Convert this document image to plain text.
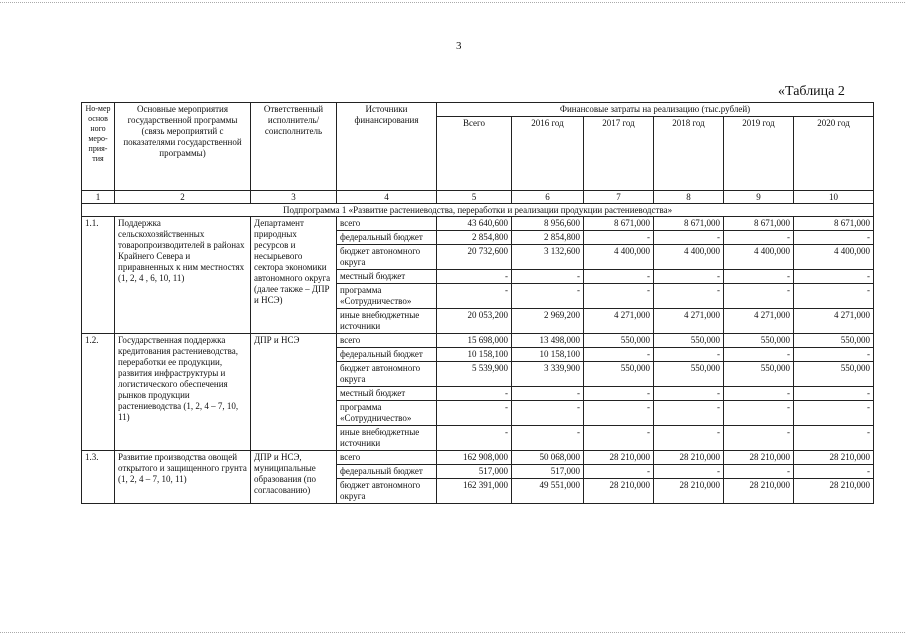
3
«Таблица 2
Но-мер основ ного меро-прия-тия	Основные мероприятия государственной программы (связь мероприятий с показателями государственной программы)	Ответственный исполнитель/ соисполнитель	Источники финансирования	Финансовые затраты на реализацию (тыс.рублей)					
				Всего	2016 год	2017 год	2018 год	2019 год	2020 год
1	2	3	4	5	6	7	8	9	10
Подпрограмма 1 «Развитие растениеводства, переработки и реализации продукции растениеводства»									
1.1.	Поддержка сельскохозяйственных товаропроизводителей в районах Крайнего Севера и приравненных к ним местностях (1, 2, 4 , 6, 10, 11)	Департамент природных ресурсов и несырьевого сектора экономики автономного округа (далее также – ДПР и НСЭ)	всего	43 640,600	8 956,600	8 671,000	8 671,000	8 671,000	8 671,000
			федеральный бюджет	2 854,800	2 854,800	-	-	-	-
			бюджет автономного округа	20 732,600	3 132,600	4 400,000	4 400,000	4 400,000	4 400,000
			местный бюджет	-	-	-	-	-	-
			программа «Сотрудничество»	-	-	-	-	-	-
			иные внебюджетные источники	20 053,200	2 969,200	4 271,000	4 271,000	4 271,000	4 271,000
1.2.	Государственная поддержка кредитования растениеводства, переработки ее продукции, развития инфраструктуры и логистического обеспечения рынков продукции растениеводства (1, 2, 4 – 7, 10, 11)	ДПР и НСЭ	всего	15 698,000	13 498,000	550,000	550,000	550,000	550,000
			федеральный бюджет	10 158,100	10 158,100	-	-	-	-
			бюджет автономного округа	5 539,900	3 339,900	550,000	550,000	550,000	550,000
			местный бюджет	-	-	-	-	-	-
			программа «Сотрудничество»	-	-	-	-	-	-
			иные внебюджетные источники	-	-	-	-	-	-
1.3.	Развитие производства овощей открытого и защищенного грунта (1, 2, 4 – 7, 10, 11)	ДПР и НСЭ, муниципальные образования (по согласованию)	всего	162 908,000	50 068,000	28 210,000	28 210,000	28 210,000	28 210,000
			федеральный бюджет	517,000	517,000	-	-	-	-
			бюджет автономного округа	162 391,000	49 551,000	28 210,000	28 210,000	28 210,000	28 210,000
